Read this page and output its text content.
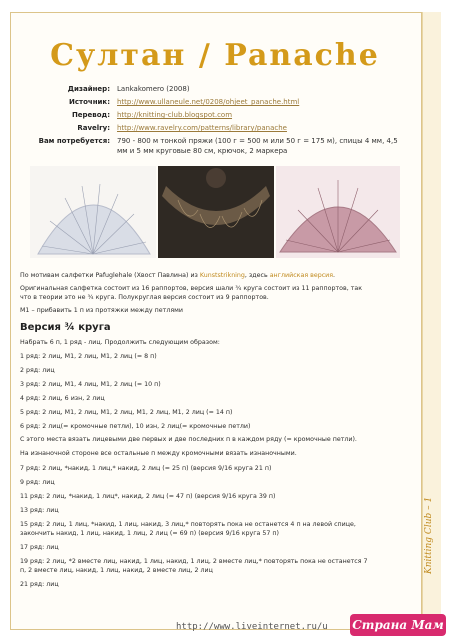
Knitting Club – 1
Султан / Panache
Дизайнер: Lankakomero (2008)
Источник: http://www.ullaneule.net/0208/ohjeet_panache.html
Перевод: http://knitting-club.blogspot.com
Ravelry: http://www.ravelry.com/patterns/library/panache
Вам потребуется: 790 - 800 м тонкой пряжи (100 г = 500 м или 50 г = 175 м), спицы 4 мм, 4,5 мм и 5 мм круговые 80 см, крючок, 2 маркера
По мотивам салфетки Pafuglehale (Хвост Павлина) из Kunststrikning, здесь английская версия.
Оригинальная салфетка состоит из 16 раппортов, версия шали ¾ круга состоит из 11 раппортов, так
что в теории это не ¾ круга. Полукруглая версия состоит из 9 раппортов.
М1 – прибавить 1 п из протяжки между петлями
Версия ¾ круга
Набрать 6 п, 1 ряд - лиц. Продолжить следующим образом:
1 ряд: 2 лиц, М1, 2 лиц, М1, 2 лиц (= 8 п)
2 ряд: лиц
3 ряд: 2 лиц, М1, 4 лиц, М1, 2 лиц (= 10 п)
4 ряд: 2 лиц, 6 изн, 2 лиц
5 ряд: 2 лиц, М1, 2 лиц, М1, 2 лиц, М1, 2 лиц, М1, 2 лиц (= 14 п)
6 ряд: 2 лиц(= кромочные петли), 10 изн, 2 лиц(= кромочные петли)
С этого места вязать лицевыми две первых и две последних п в каждом ряду (= кромочные петли).
На изнаночной стороне все остальные п между кромочными вязать изнаночными.
7 ряд: 2 лиц, *накид, 1 лиц,* накид, 2 лиц (= 25 п) (версия 9/16 круга 21 п)
9 ряд: лиц
11 ряд: 2 лиц, *накид, 1 лиц*, накид, 2 лиц (= 47 п) (версия 9/16 круга 39 п)
13 ряд: лиц
15 ряд: 2 лиц, 1 лиц, *накид, 1 лиц, накид, 3 лиц,* повторять пока не останется 4 п на левой спице,
закончить накид, 1 лиц, накид, 1 лиц, 2 лиц (= 69 п) (версия 9/16 круга 57 п)
17 ряд: лиц
19 ряд: 2 лиц, *2 вместе лиц, накид, 1 лиц, накид, 1 лиц, 2 вместе лиц,* повторять пока не останется 7
п, 2 вместе лиц, накид, 1 лиц, накид, 2 вместе лиц, 2 лиц
21 ряд: лиц
http://www.liveinternet.ru/u Страна Мам
